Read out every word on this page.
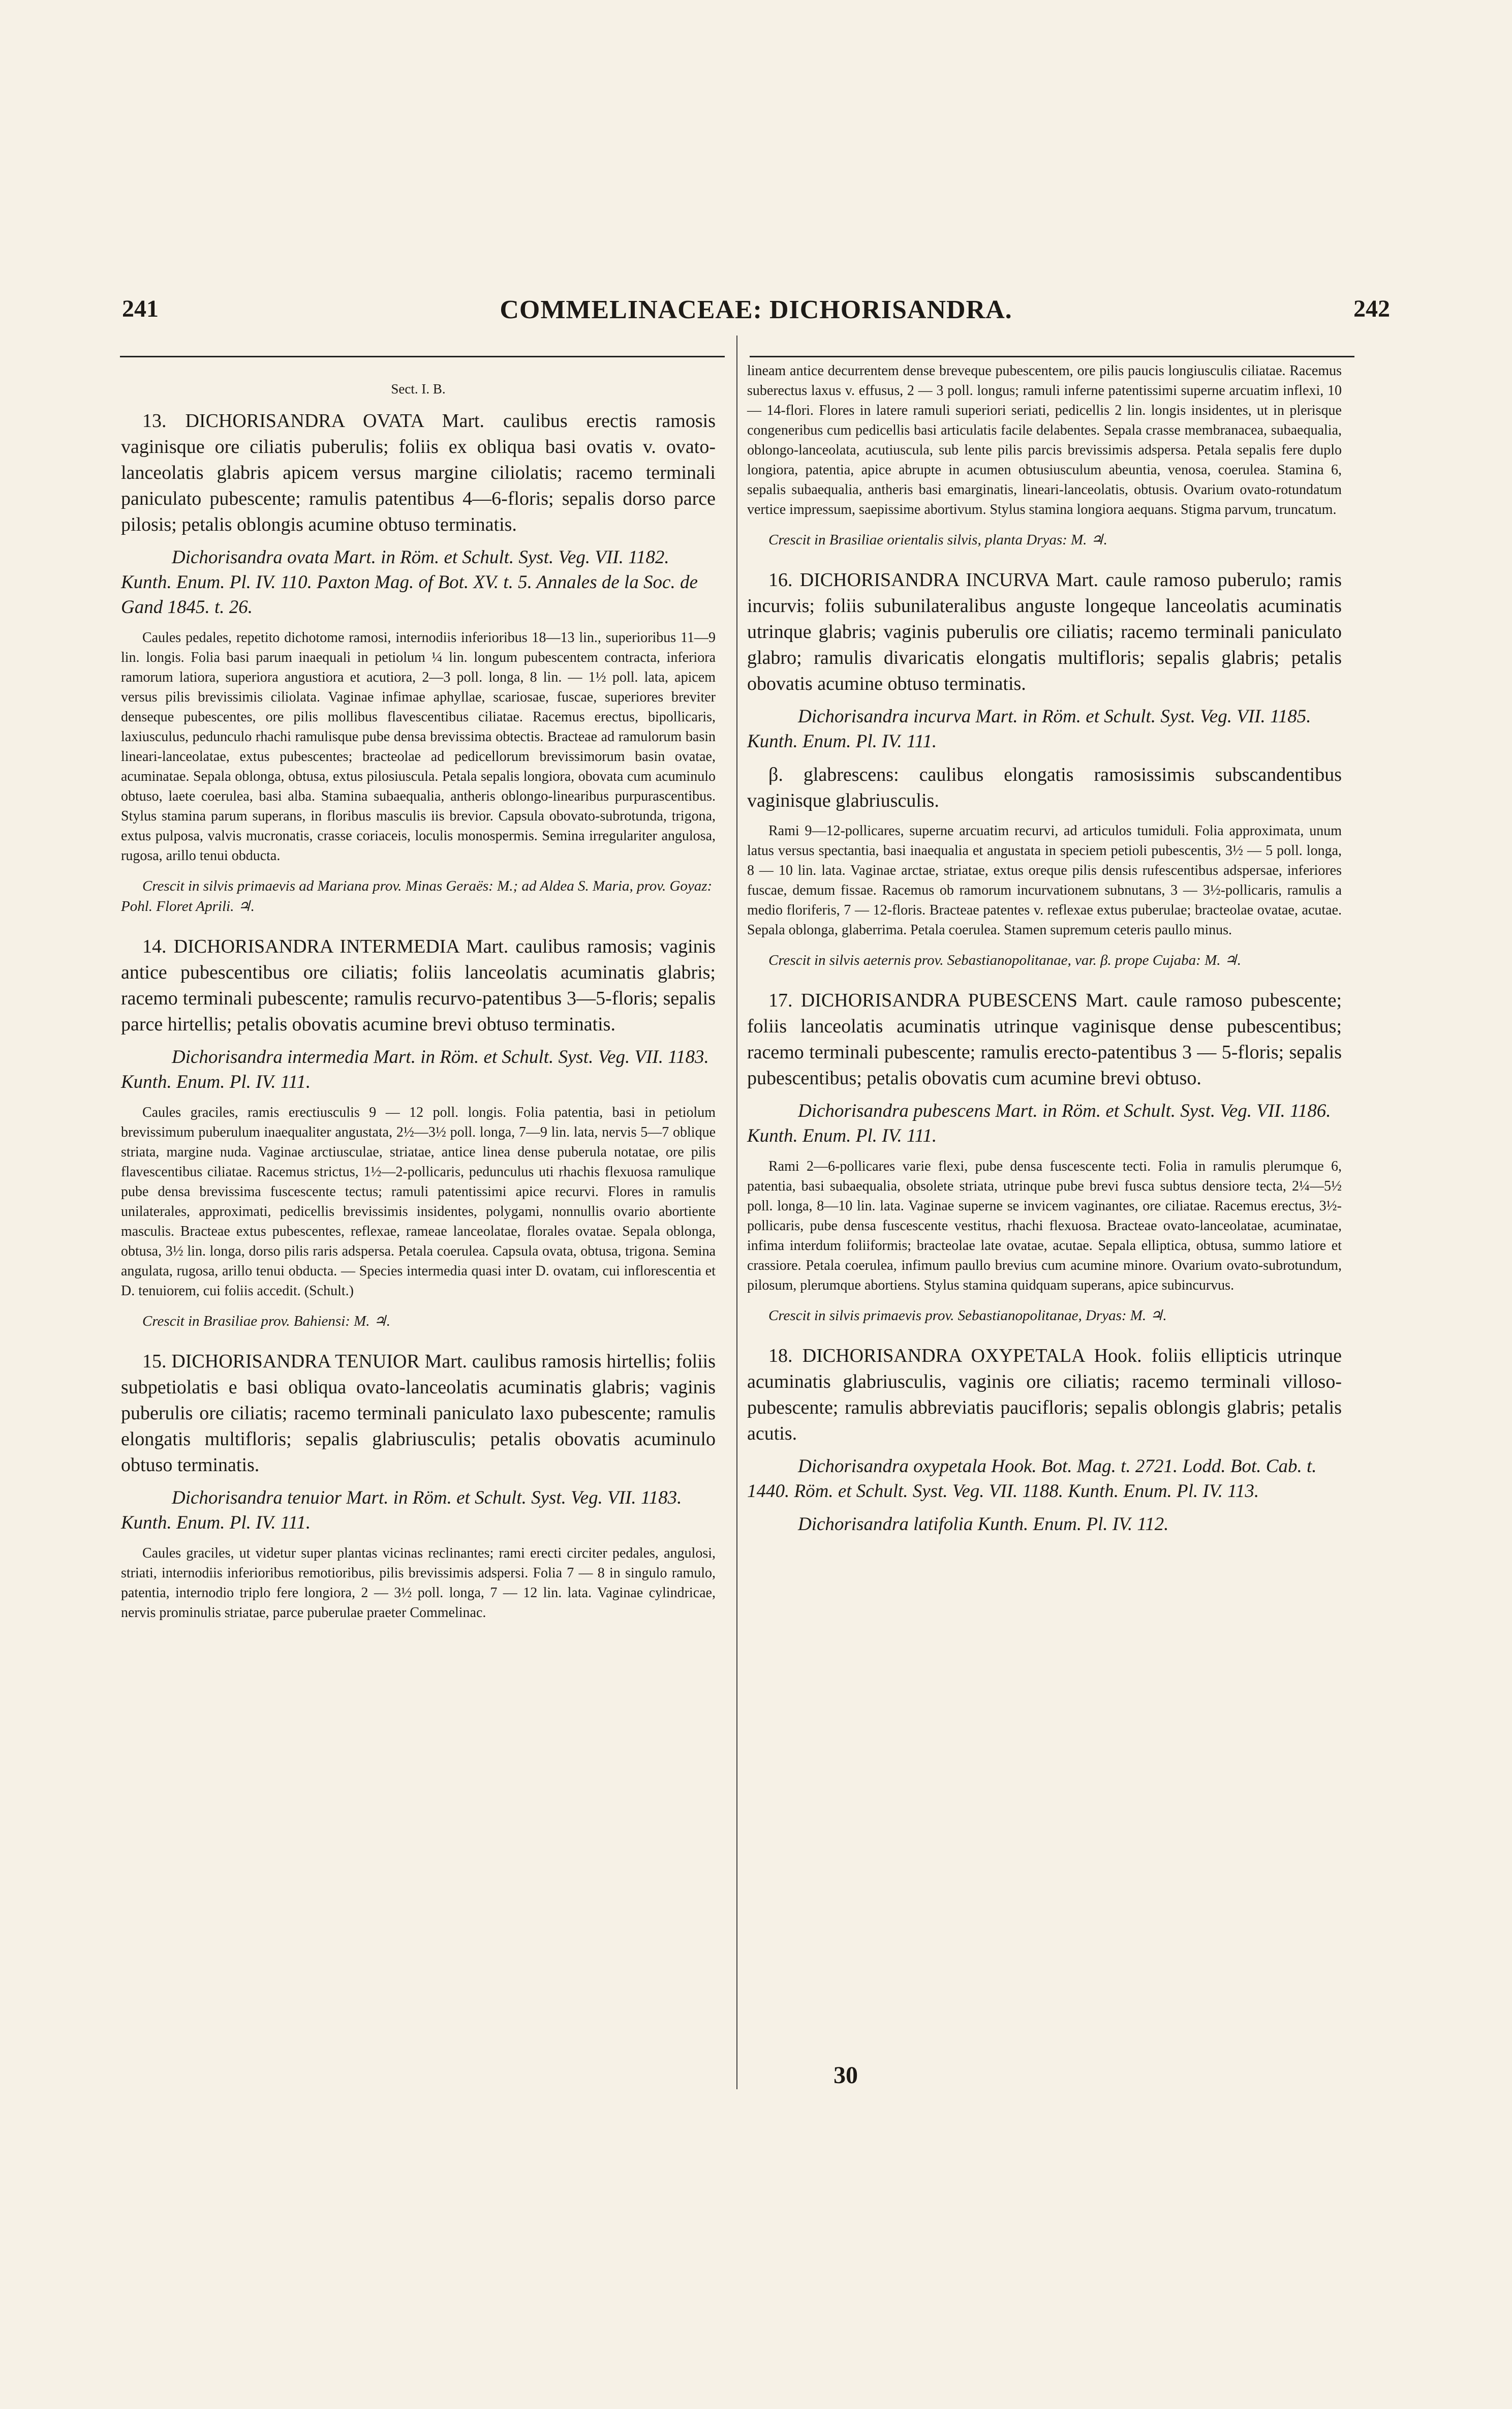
241	COMMELINACEAE: DICHORISANDRA.	242
Sect. I. B.

13. DICHORISANDRA OVATA Mart. caulibus erectis ramosis vaginisque ore ciliatis puberulis; foliis ex obliqua basi ovatis v. ovato-lanceolatis glabris apicem versus margine ciliolatis; racemo terminali paniculato pubescente; ramulis patentibus 4—6-floris; sepalis dorso parce pilosis; petalis oblongis acumine obtuso terminatis.

Dichorisandra ovata Mart. in Röm. et Schult. Syst. Veg. VII. 1182. Kunth. Enum. Pl. IV. 110. Paxton Mag. of Bot. XV. t. 5. Annales de la Soc. de Gand 1845. t. 26.

Caules pedales, repetito dichotome ramosi, internodiis inferioribus 18—13 lin., superioribus 11—9 lin. longis. Folia basi parum inaequali in petiolum ¼ lin. longum pubescentem contracta, inferiora ramorum latiora, superiora angustiora et acutiora, 2—3 poll. longa, 8 lin. — 1½ poll. lata, apicem versus pilis brevissimis ciliolata. Vaginae infimae aphyllae, scariosae, fuscae, superiores breviter denseque pubescentes, ore pilis mollibus flavescentibus ciliatae. Racemus erectus, bipollicaris, laxiusculus, pedunculo rhachi ramulisque pube densa brevissima obtectis. Bracteae ad ramulorum basin lineari-lanceolatae, extus pubescentes; bracteolae ad pedicellorum brevissimorum basin ovatae, acuminatae. Sepala oblonga, obtusa, extus pilosiuscula. Petala sepalis longiora, obovata cum acuminulo obtuso, laete coerulea, basi alba. Stamina subaequalia, antheris oblongo-linearibus purpurascentibus. Stylus stamina parum superans, in floribus masculis iis brevior. Capsula obovato-subrotunda, trigona, extus pulposa, valvis mucronatis, crasse coriaceis, loculis monospermis. Semina irregulariter angulosa, rugosa, arillo tenui obducta.

Crescit in silvis primaevis ad Mariana prov. Minas Geraës: M.; ad Aldea S. Maria, prov. Goyaz: Pohl. Floret Aprili. ♃.

14. DICHORISANDRA INTERMEDIA Mart. caulibus ramosis; vaginis antice pubescentibus ore ciliatis; foliis lanceolatis acuminatis glabris; racemo terminali pubescente; ramulis recurvo-patentibus 3—5-floris; sepalis parce hirtellis; petalis obovatis acumine brevi obtuso terminatis.

Dichorisandra intermedia Mart. in Röm. et Schult. Syst. Veg. VII. 1183. Kunth. Enum. Pl. IV. 111.

Caules graciles, ramis erectiusculis 9 — 12 poll. longis. Folia patentia, basi in petiolum brevissimum puberulum inaequaliter angustata, 2½—3½ poll. longa, 7—9 lin. lata, nervis 5—7 oblique striata, margine nuda. Vaginae arctiusculae, striatae, antice linea dense puberula notatae, ore pilis flavescentibus ciliatae. Racemus strictus, 1½—2-pollicaris, pedunculus uti rhachis flexuosa ramulique pube densa brevissima fuscescente tectus; ramuli patentissimi apice recurvi. Flores in ramulis unilaterales, approximati, pedicellis brevissimis insidentes, polygami, nonnullis ovario abortiente masculis. Bracteae extus pubescentes, reflexae, rameae lanceolatae, florales ovatae. Sepala oblonga, obtusa, 3½ lin. longa, dorso pilis raris adspersa. Petala coerulea. Capsula ovata, obtusa, trigona. Semina angulata, rugosa, arillo tenui obducta. — Species intermedia quasi inter D. ovatam, cui inflorescentia et D. tenuiorem, cui foliis accedit. (Schult.)

Crescit in Brasiliae prov. Bahiensi: M. ♃.

15. DICHORISANDRA TENUIOR Mart. caulibus ramosis hirtellis; foliis subpetiolatis e basi obliqua ovato-lanceolatis acuminatis glabris; vaginis puberulis ore ciliatis; racemo terminali paniculato laxo pubescente; ramulis elongatis multifloris; sepalis glabriusculis; petalis obovatis acuminulo obtuso terminatis.

Dichorisandra tenuior Mart. in Röm. et Schult. Syst. Veg. VII. 1183. Kunth. Enum. Pl. IV. 111.

Caules graciles, ut videtur super plantas vicinas reclinantes; rami erecti circiter pedales, angulosi, striati, internodiis inferioribus remotioribus, pilis brevissimis adspersi. Folia 7 — 8 in singulo ramulo, patentia, internodio triplo fere longiora, 2 — 3½ poll. longa, 7 — 12 lin. lata. Vaginae cylindricae, nervis prominulis striatae, parce puberulae praeter Commelinac.

lineam antice decurrentem dense breveque pubescentem, ore pilis paucis longiusculis ciliatae. Racemus suberectus laxus v. effusus, 2 — 3 poll. longus; ramuli inferne patentissimi superne arcuatim inflexi, 10 — 14-flori. Flores in latere ramuli superiori seriati, pedicellis 2 lin. longis insidentes, ut in plerisque congeneribus cum pedicellis basi articulatis facile delabentes. Sepala crasse membranacea, subaequalia, oblongo-lanceolata, acutiuscula, sub lente pilis parcis brevissimis adspersa. Petala sepalis fere duplo longiora, patentia, apice abrupte in acumen obtusiusculum abeuntia, venosa, coerulea. Stamina 6, sepalis subaequalia, antheris basi emarginatis, lineari-lanceolatis, obtusis. Ovarium ovato-rotundatum vertice impressum, saepissime abortivum. Stylus stamina longiora aequans. Stigma parvum, truncatum.

Crescit in Brasiliae orientalis silvis, planta Dryas: M. ♃.

16. DICHORISANDRA INCURVA Mart. caule ramoso puberulo; ramis incurvis; foliis subunilateralibus anguste longeque lanceolatis acuminatis utrinque glabris; vaginis puberulis ore ciliatis; racemo terminali paniculato glabro; ramulis divaricatis elongatis multifloris; sepalis glabris; petalis obovatis acumine obtuso terminatis.

Dichorisandra incurva Mart. in Röm. et Schult. Syst. Veg. VII. 1185. Kunth. Enum. Pl. IV. 111.

β. glabrescens: caulibus elongatis ramosissimis subscandentibus vaginisque glabriusculis.

Rami 9—12-pollicares, superne arcuatim recurvi, ad articulos tumiduli. Folia approximata, unum latus versus spectantia, basi inaequalia et angustata in speciem petioli pubescentis, 3½ — 5 poll. longa, 8 — 10 lin. lata. Vaginae arctae, striatae, extus oreque pilis densis rufescentibus adspersae, inferiores fuscae, demum fissae. Racemus ob ramorum incurvationem subnutans, 3 — 3½-pollicaris, ramulis a medio floriferis, 7 — 12-floris. Bracteae patentes v. reflexae extus puberulae; bracteolae ovatae, acutae. Sepala oblonga, glaberrima. Petala coerulea. Stamen supremum ceteris paullo minus.

Crescit in silvis aeternis prov. Sebastianopolitanae, var. β. prope Cujaba: M. ♃.

17. DICHORISANDRA PUBESCENS Mart. caule ramoso pubescente; foliis lanceolatis acuminatis utrinque vaginisque dense pubescentibus; racemo terminali pubescente; ramulis erecto-patentibus 3 — 5-floris; sepalis pubescentibus; petalis obovatis cum acumine brevi obtuso.

Dichorisandra pubescens Mart. in Röm. et Schult. Syst. Veg. VII. 1186. Kunth. Enum. Pl. IV. 111.

Rami 2—6-pollicares varie flexi, pube densa fuscescente tecti. Folia in ramulis plerumque 6, patentia, basi subaequalia, obsolete striata, utrinque pube brevi fusca subtus densiore tecta, 2¼—5½ poll. longa, 8—10 lin. lata. Vaginae superne se invicem vaginantes, ore ciliatae. Racemus erectus, 3½-pollicaris, pube densa fuscescente vestitus, rhachi flexuosa. Bracteae ovato-lanceolatae, acuminatae, infima interdum foliiformis; bracteolae late ovatae, acutae. Sepala elliptica, obtusa, summo latiore et crassiore. Petala coerulea, infimum paullo brevius cum acumine minore. Ovarium ovato-subrotundum, pilosum, plerumque abortiens. Stylus stamina quidquam superans, apice subincurvus.

Crescit in silvis primaevis prov. Sebastianopolitanae, Dryas: M. ♃.

18. DICHORISANDRA OXYPETALA Hook. foliis ellipticis utrinque acuminatis glabriusculis, vaginis ore ciliatis; racemo terminali villoso-pubescente; ramulis abbreviatis paucifloris; sepalis oblongis glabris; petalis acutis.

Dichorisandra oxypetala Hook. Bot. Mag. t. 2721. Lodd. Bot. Cab. t. 1440. Röm. et Schult. Syst. Veg. VII. 1188. Kunth. Enum. Pl. IV. 113.

Dichorisandra latifolia Kunth. Enum. Pl. IV. 112.

30
